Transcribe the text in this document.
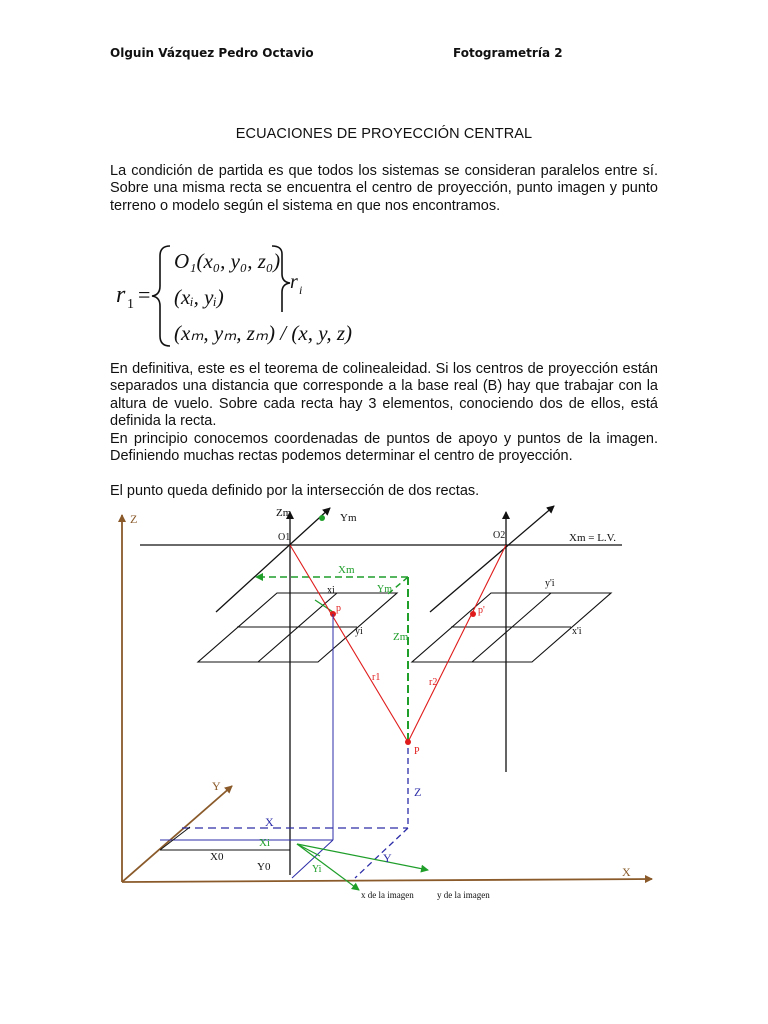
Olguin Vázquez Pedro Octavio	Fotogrametría 2
ECUACIONES DE PROYECCIÓN CENTRAL

La condición de partida es que todos los sistemas se consideran paralelos entre sí. Sobre una misma recta se encuentra el centro de proyección, punto imagen y punto terreno o modelo según el sistema en que nos encontramos.

r 1 =
O₁(x₀, y₀, z₀)
(xᵢ, yᵢ)
(xₘ, yₘ, zₘ) / (x, y, z)
r i

En definitiva, este es el teorema de colinealeidad. Si los centros de proyección están separados una distancia que corresponde a la base real (B) hay que trabajar con la altura de vuelo. Sobre cada recta hay 3 elementos, conociendo dos de ellos, está definida la recta.

En principio conocemos coordenadas de puntos de apoyo y puntos de la imagen. Definiendo muchas rectas podemos determinar el centro de proyección.

El punto queda definido por la intersección de dos rectas.

Z	Zm	Ym
O1	O2	Xm = L.V.
Xm
Ym
Zm
xi
yi
p	p'
y'i
x'i
r1	r2
P
Z
Y
X
Xi
X0
Y0	Yi
Y
X
x de la imagen	y de la imagen
